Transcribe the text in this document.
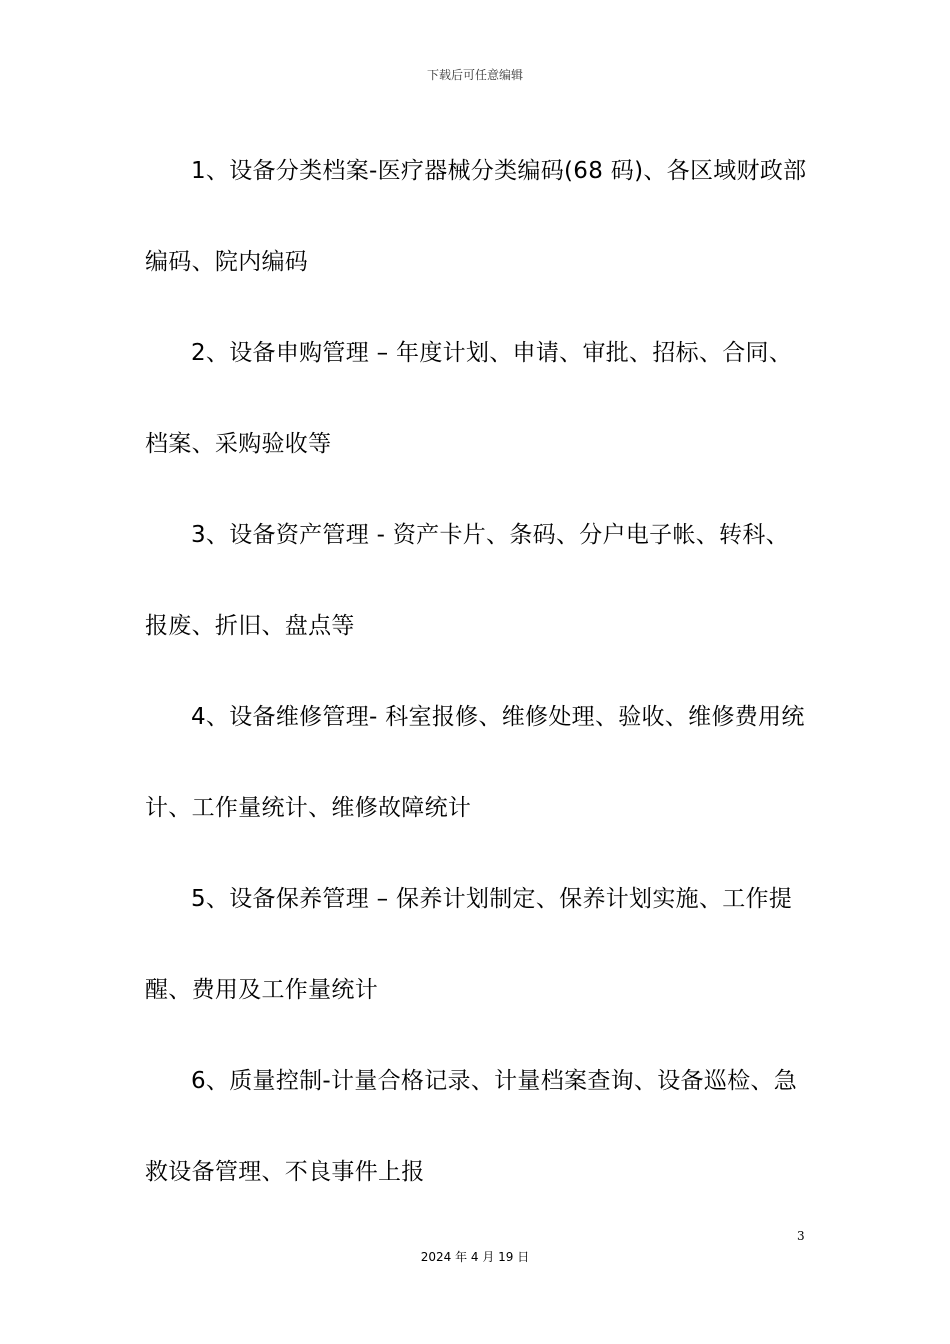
下载后可任意编辑

1、设备分类档案-医疗器械分类编码(68 码)、各区域财政部编码、院内编码

2、设备申购管理 – 年度计划、申请、审批、招标、合同、档案、采购验收等

3、设备资产管理 - 资产卡片、条码、分户电子帐、转科、报废、折旧、盘点等

4、设备维修管理- 科室报修、维修处理、验收、维修费用统计、工作量统计、维修故障统计

5、设备保养管理 – 保养计划制定、保养计划实施、工作提醒、费用及工作量统计

6、质量控制-计量合格记录、计量档案查询、设备巡检、急救设备管理、不良事件上报

3
2024 年 4 月 19 日
